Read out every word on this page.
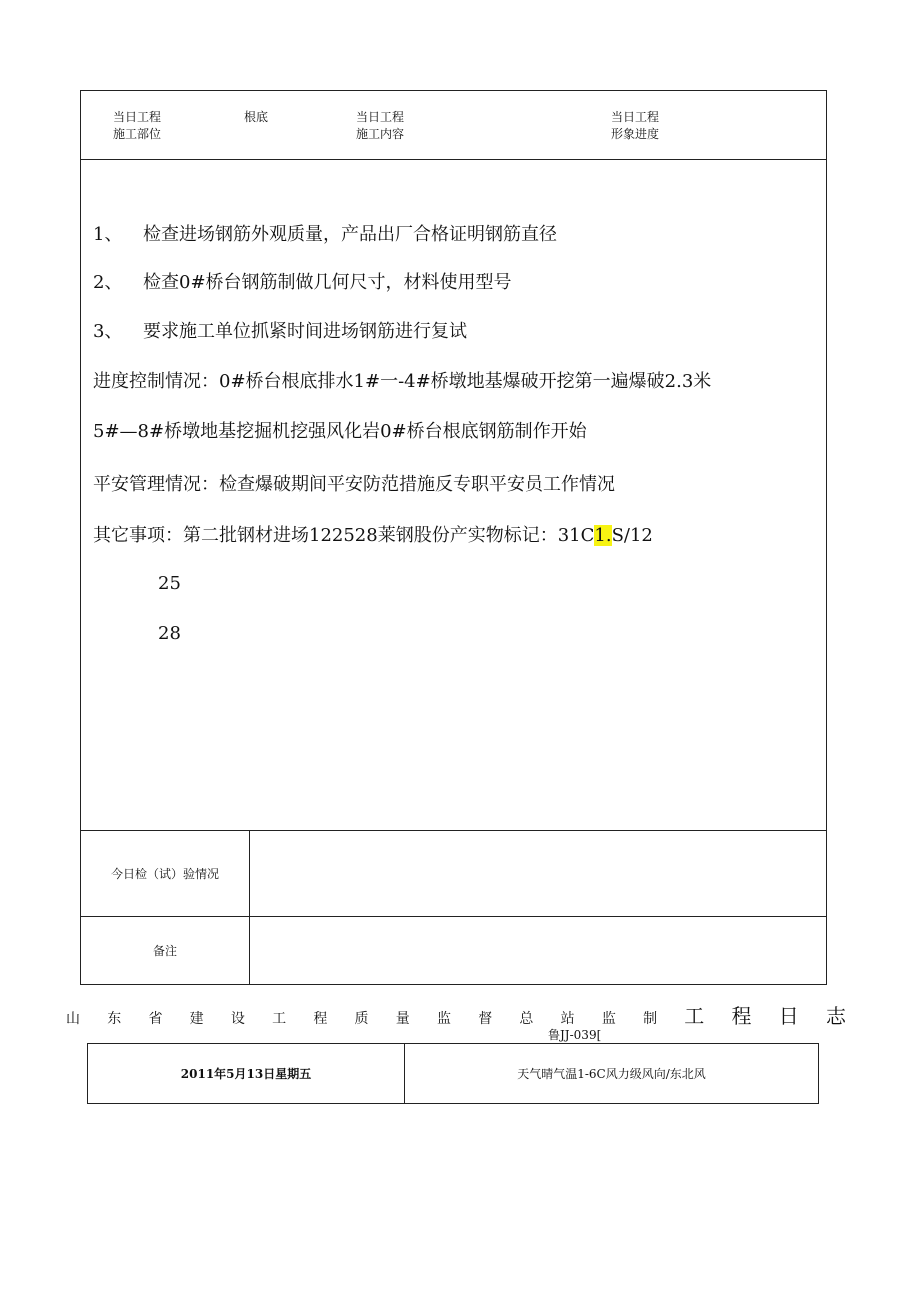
当日工程
施工部位
根底	当日工程
施工内容
当日工程
形象进度
1、 检查进场钢筋外观质量，产品出厂合格证明钢筋直径
2、 检查0#桥台钢筋制做几何尺寸，材料使用型号
3、 要求施工单位抓紧时间进场钢筋进行复试
进度控制情况：0#桥台根底排水1#一-4#桥墩地基爆破开挖第一遍爆破2.3米
5#—8#桥墩地基挖掘机挖强风化岩0#桥台根底钢筋制作开始
平安管理情况：检查爆破期间平安防范措施反专职平安员工作情况
其它事项：第二批钢材进场122528莱钢股份产实物标记：31C1.S/12
25
28
今日检（试）验情况
备注
山 东 省 建 设 工 程 质 量 监 督 总 站 监 制 工 程 日 志
鲁JJ-039[
2011年5月13日星期五	天气晴气温1-6C风力级风向/东北风
